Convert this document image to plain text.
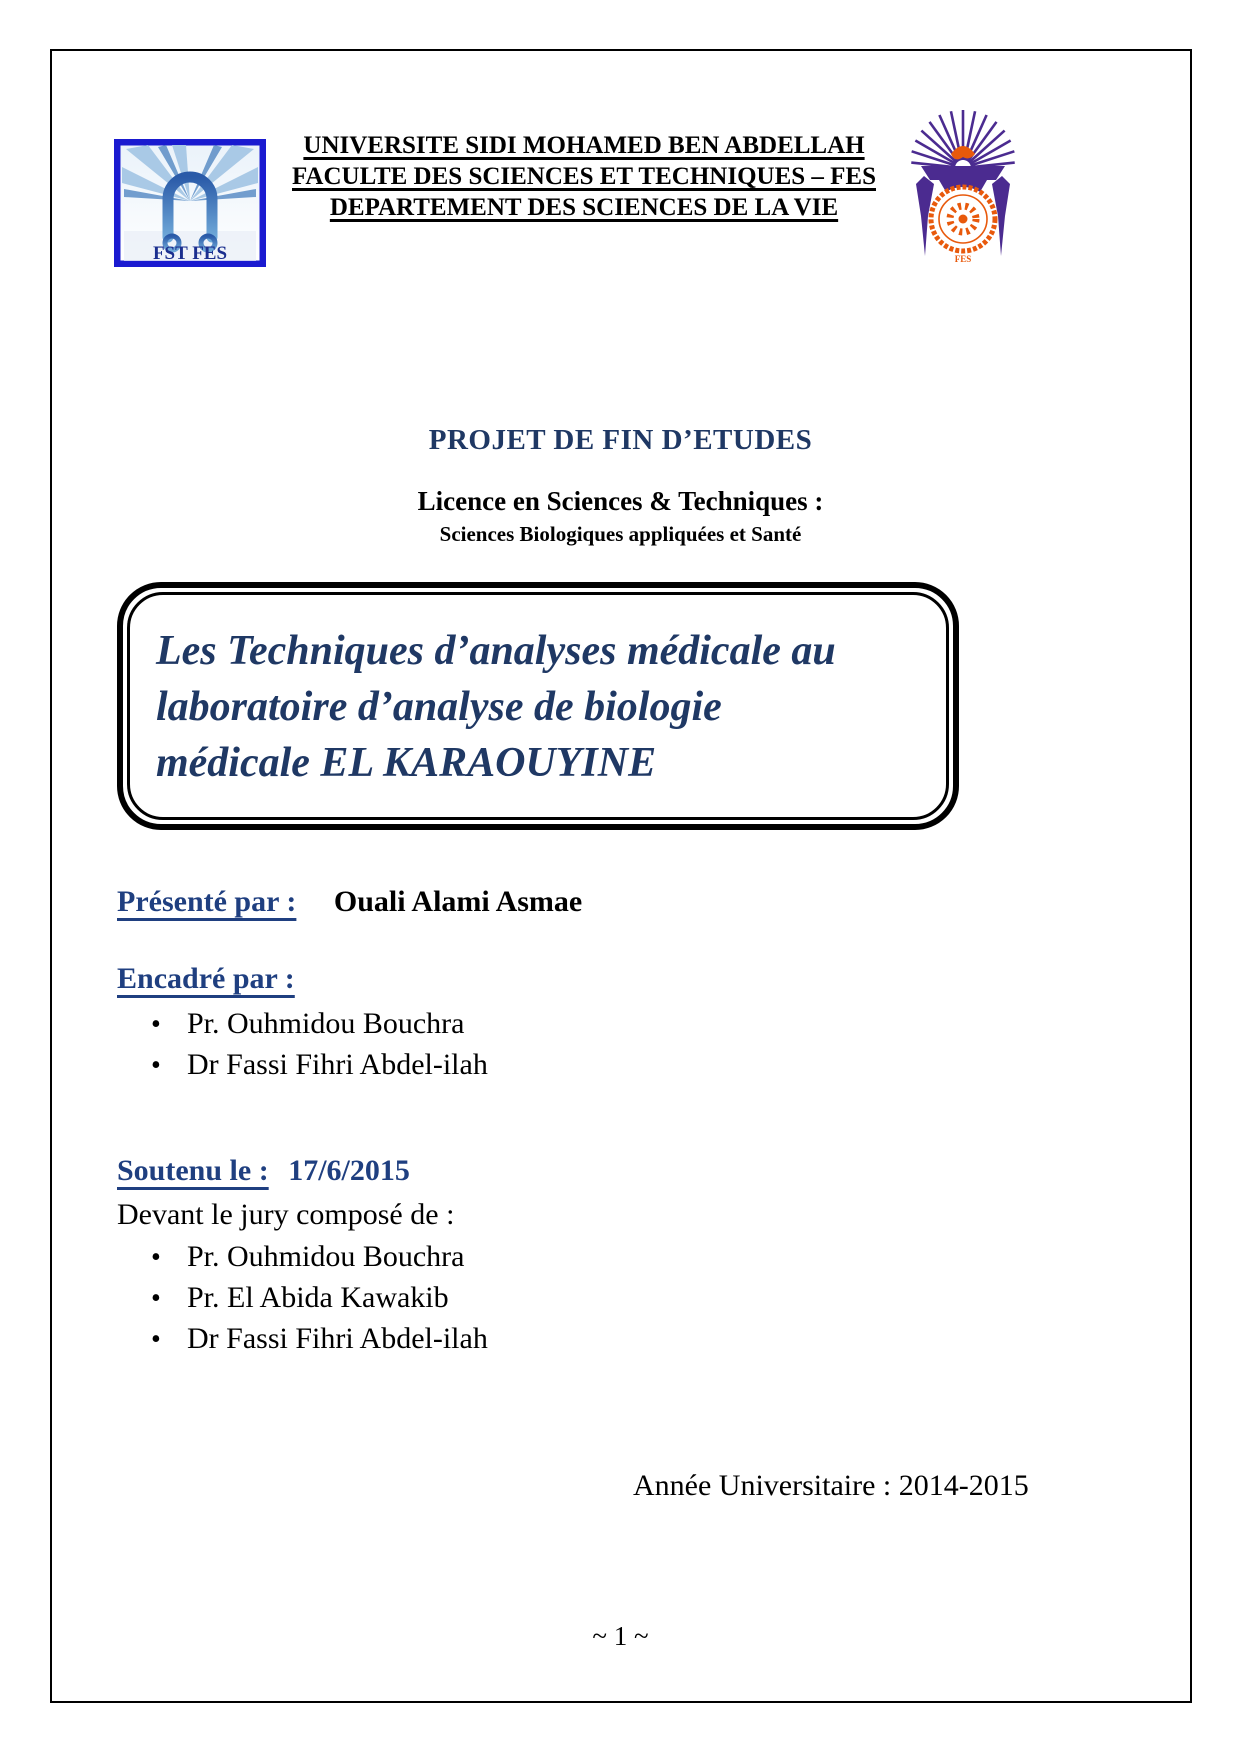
FST FES
UNIVERSITE SIDI MOHAMED BEN ABDELLAH
FACULTE DES SCIENCES ET TECHNIQUES – FES
DEPARTEMENT DES SCIENCES DE LA VIE
FES
PROJET DE FIN D’ETUDES
Licence en Sciences & Techniques :
Sciences Biologiques appliquées et Santé
Les Techniques d’analyses médicale au
laboratoire d’analyse de biologie
médicale EL KARAOUYINE
Présenté par : Ouali Alami Asmae
Encadré par :
• Pr. Ouhmidou Bouchra
• Dr Fassi Fihri Abdel-ilah
Soutenu le : 17/6/2015
Devant le jury composé de :
• Pr. Ouhmidou Bouchra
• Pr. El Abida Kawakib
• Dr Fassi Fihri Abdel-ilah
Année Universitaire : 2014-2015
~ 1 ~
